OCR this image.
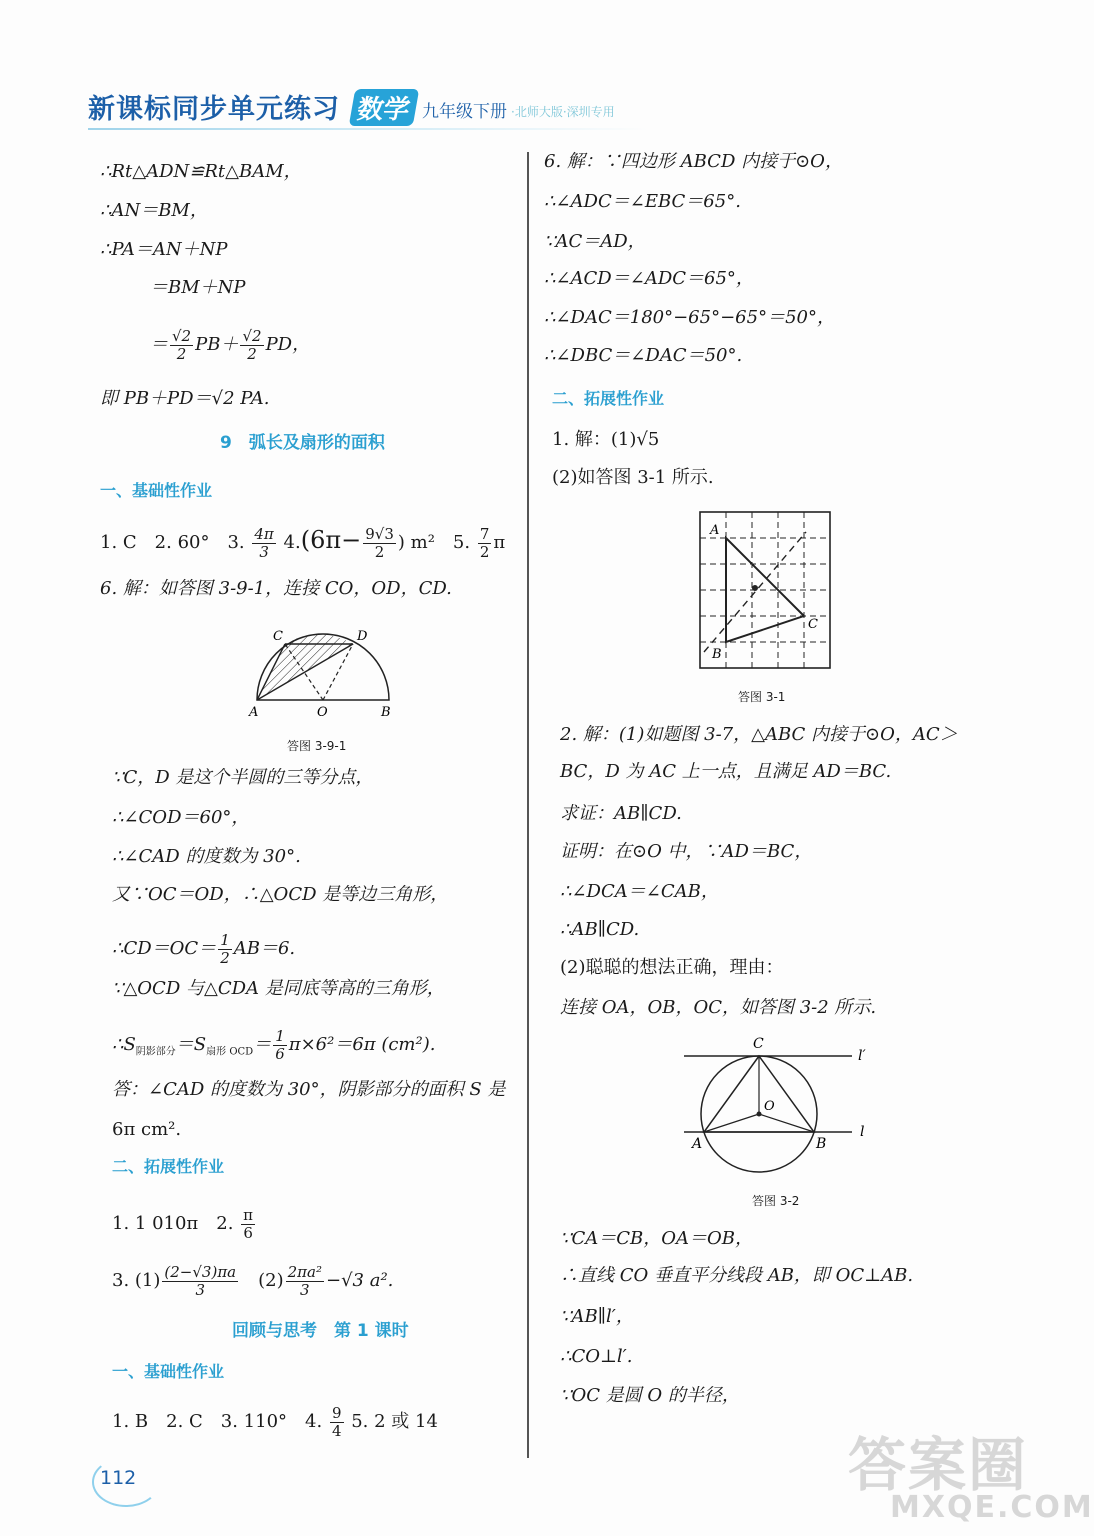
新课标同步单元练习 数学 九年级下册 ·北师大版·深圳专用
∴Rt△ADN≌Rt△BAM，
∴AN＝BM，
∴PA＝AN＋NP
＝BM＋NP
＝ $\frac{√2}{2} PB+ \frac{√2}{2}$ PD，
即 PB＋PD＝√2 PA.
9　弧长及扇形的面积
一、基础性作业
1. C　2. 60°　3. $\frac{4\pi}{3} 4.(6\pi- \frac{9√3}{2}$ ) m²　5. $\frac{7}{2}$ π
6. 解：如答图 3-9-1，连接 CO，OD，CD.
C	D
A	O	B
答图 3-9-1
∵C，D 是这个半圆的三等分点，
∴∠COD＝60°，
∴∠CAD 的度数为 30°.
又∵OC＝OD，∴△OCD 是等边三角形，
∴CD＝OC＝ $\frac{1}{2} AB=6$.
∵△OCD 与△CDA 是同底等高的三角形，
$\therefore S_{阴影部分}=S_{扇形 OCD}= \frac{1}{6} \pi\times 6^2=6\pi$ (cm²).
答：∠CAD 的度数为 30°，阴影部分的面积 S 是
6π cm².
二、拓展性作业
1. 1 010π　2. $\frac{\pi}{6}$
3. $(1) \frac{(2-√3)\pi a}{3}$ 　$(2) \frac{\text{2πa²}}{3} -√3$ a².
回顾与思考　第 1 课时
一、基础性作业
1. B　2. C　3. 110°　4. $\frac{9}{4} 5$. 2 或 14
6. 解：∵四边形 ABCD 内接于⊙O，
∴∠ADC＝∠EBC＝65°.
∵AC＝AD，
∴∠ACD＝∠ADC＝65°，
∴∠DAC＝180°−65°−65°＝50°，
∴∠DBC＝∠DAC＝50°.
二、拓展性作业
1. 解：(1)√5
(2)如答图 3-1 所示.
A
B
C
答图 3-1
2. 解：(1)如题图 3-7，△ABC 内接于⊙O，AC＞
BC，D 为 AC 上一点，且满足 AD＝BC.
求证：AB∥CD.
证明：在⊙O 中，∵AD＝BC，
∴∠DCA＝∠CAB，
∴AB∥CD.
(2)聪聪的想法正确，理由：
连接 OA，OB，OC，如答图 3-2 所示.
C
l′
O
A	B
l
答图 3-2
∵CA＝CB，OA＝OB，
∴直线 CO 垂直平分线段 AB，即 OC⊥AB.
∵AB∥l′，
∴CO⊥l′.
∵OC 是圆 O 的半径，
112	答案圈
MXQE.COM
